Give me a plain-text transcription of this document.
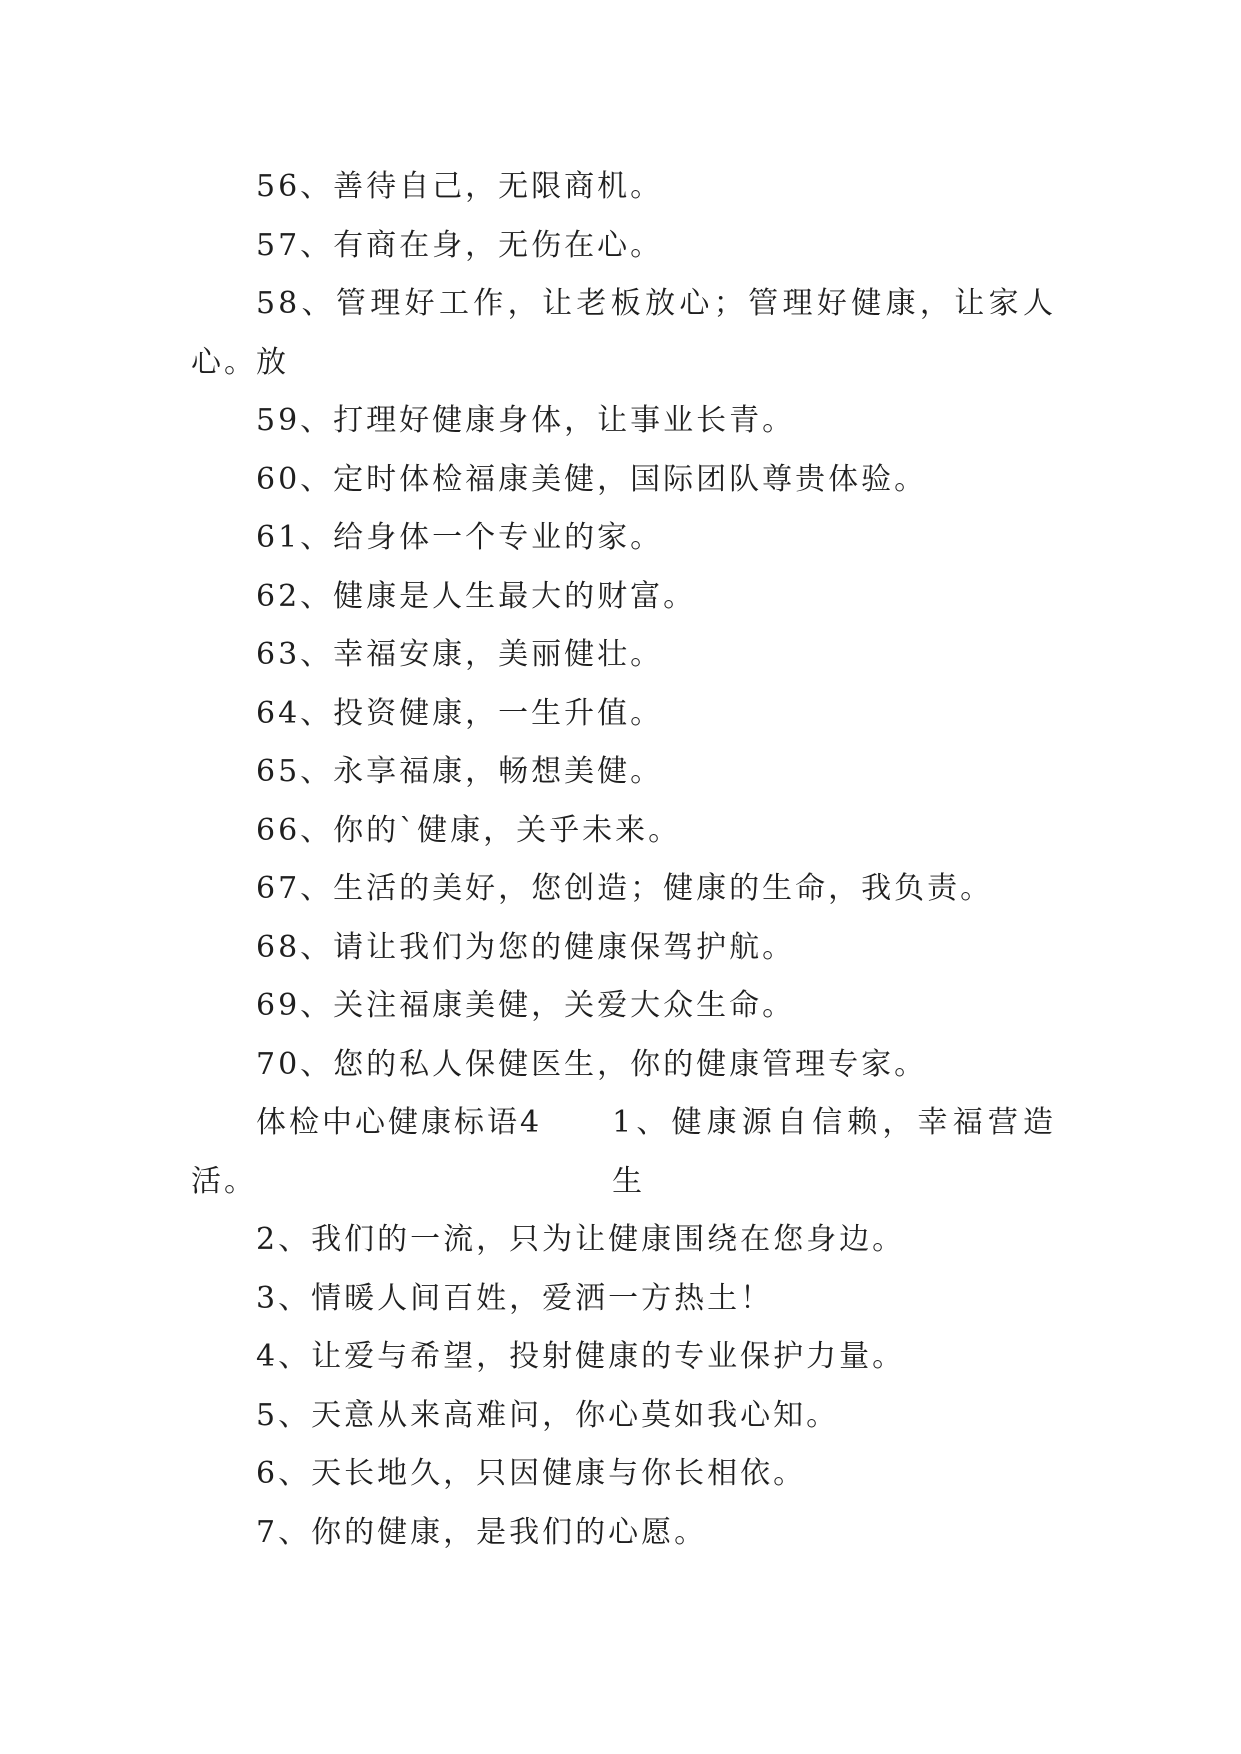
56、善待自己，无限商机。
57、有商在身，无伤在心。
58、管理好工作，让老板放心；管理好健康，让家人放
心。
59、打理好健康身体，让事业长青。
60、定时体检福康美健，国际团队尊贵体验。
61、给身体一个专业的家。
62、健康是人生最大的财富。
63、幸福安康，美丽健壮。
64、投资健康，一生升值。
65、永享福康，畅想美健。
66、你的`健康，关乎未来。
67、生活的美好，您创造；健康的生命，我负责。
68、请让我们为您的健康保驾护航。
69、关注福康美健，关爱大众生命。
70、您的私人保健医生，你的健康管理专家。
体检中心健康标语4 1、健康源自信赖，幸福营造生
活。
2、我们的一流，只为让健康围绕在您身边。
3、情暖人间百姓，爱洒一方热土！
4、让爱与希望，投射健康的专业保护力量。
5、天意从来高难问，你心莫如我心知。
6、天长地久，只因健康与你长相依。
7、你的健康，是我们的心愿。
